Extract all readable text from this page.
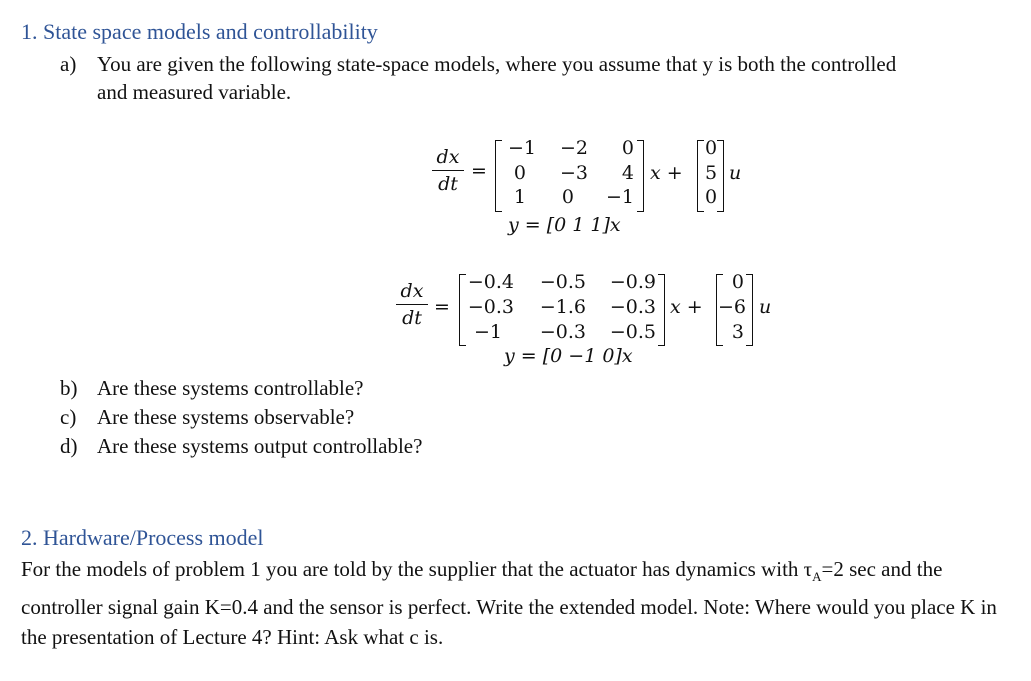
1. State space models and controllability
a) You are given the following state-space models, where you assume that y is both the controlled
and measured variable.
dx
dt
=
−1	−2	0
0	−3	4
1	0	−1
x +
0
5
0
u
y = [0 1 1]x
dx
dt =
−0.4	−0.5	−0.9
−0.3	−1.6	−0.3
−1	−0.3	−0.5
x +
0
−6
3
u
y = [0 −1 0]x
b) Are these systems controllable?
c) Are these systems observable?
d) Are these systems output controllable?
2. Hardware/Process model
For the models of problem 1 you are told by the supplier that the actuator has dynamics with $\tau_A=2$ sec and the controller signal gain K=0.4 and the sensor is perfect. Write the extended model. Note: Where would you place K in the presentation of Lecture 4? Hint: Ask what c is.
